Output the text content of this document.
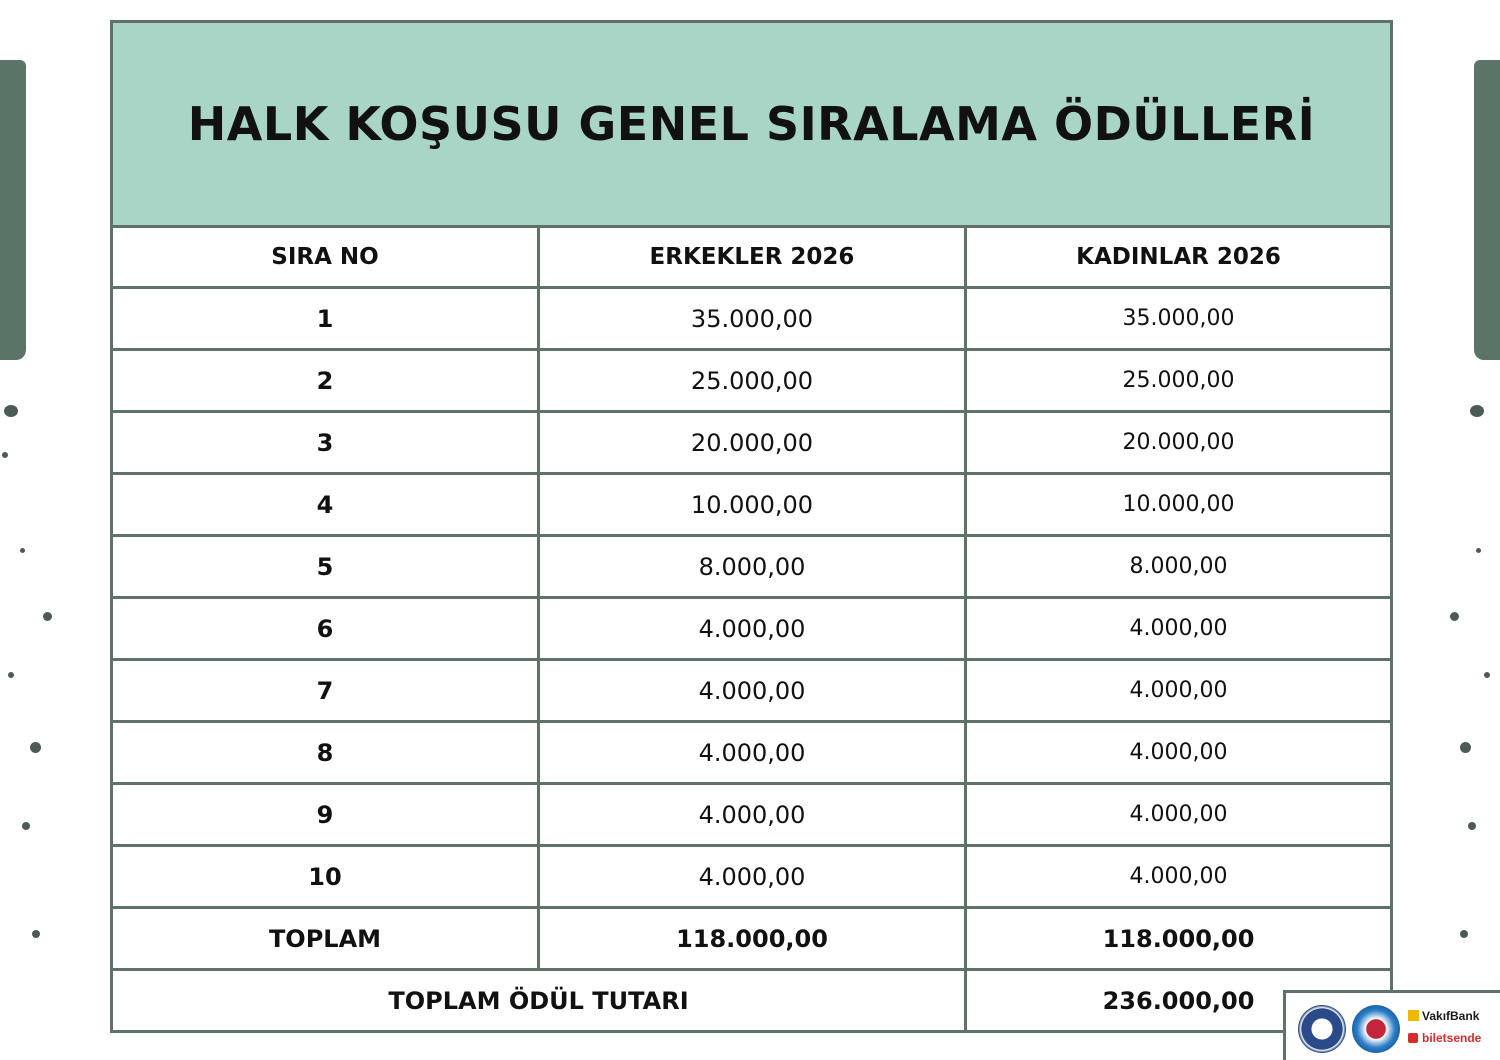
HALK KOŞUSU GENEL SIRALAMA ÖDÜLLERİ		
SIRA NO	ERKEKLER 2026	KADINLAR 2026
1	35.000,00	35.000,00
2	25.000,00	25.000,00
3	20.000,00	20.000,00
4	10.000,00	10.000,00
5	8.000,00	8.000,00
6	4.000,00	4.000,00
7	4.000,00	4.000,00
8	4.000,00	4.000,00
9	4.000,00	4.000,00
10	4.000,00	4.000,00
TOPLAM	118.000,00	118.000,00
TOPLAM ÖDÜL TUTARI		236.000,00
VakıfBank
biletsende
